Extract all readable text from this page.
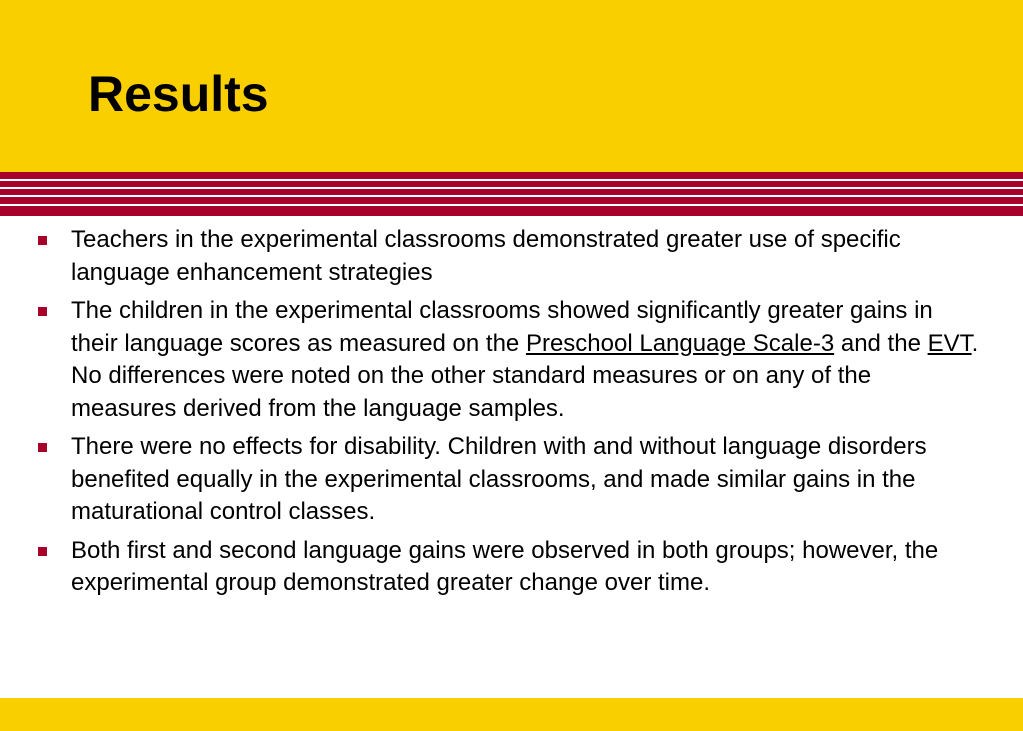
Results
Teachers in the experimental classrooms demonstrated greater use of specific language enhancement strategies
The children in the experimental classrooms showed significantly greater gains in their language scores as measured on the Preschool Language Scale-3 and the EVT. No differences were noted on the other standard measures or on any of the measures derived from the language samples.
There were no effects for disability. Children with and without language disorders benefited equally in the experimental classrooms, and made similar gains in the maturational control classes.
Both first and second language gains were observed in both groups; however, the experimental group demonstrated greater change over time.
